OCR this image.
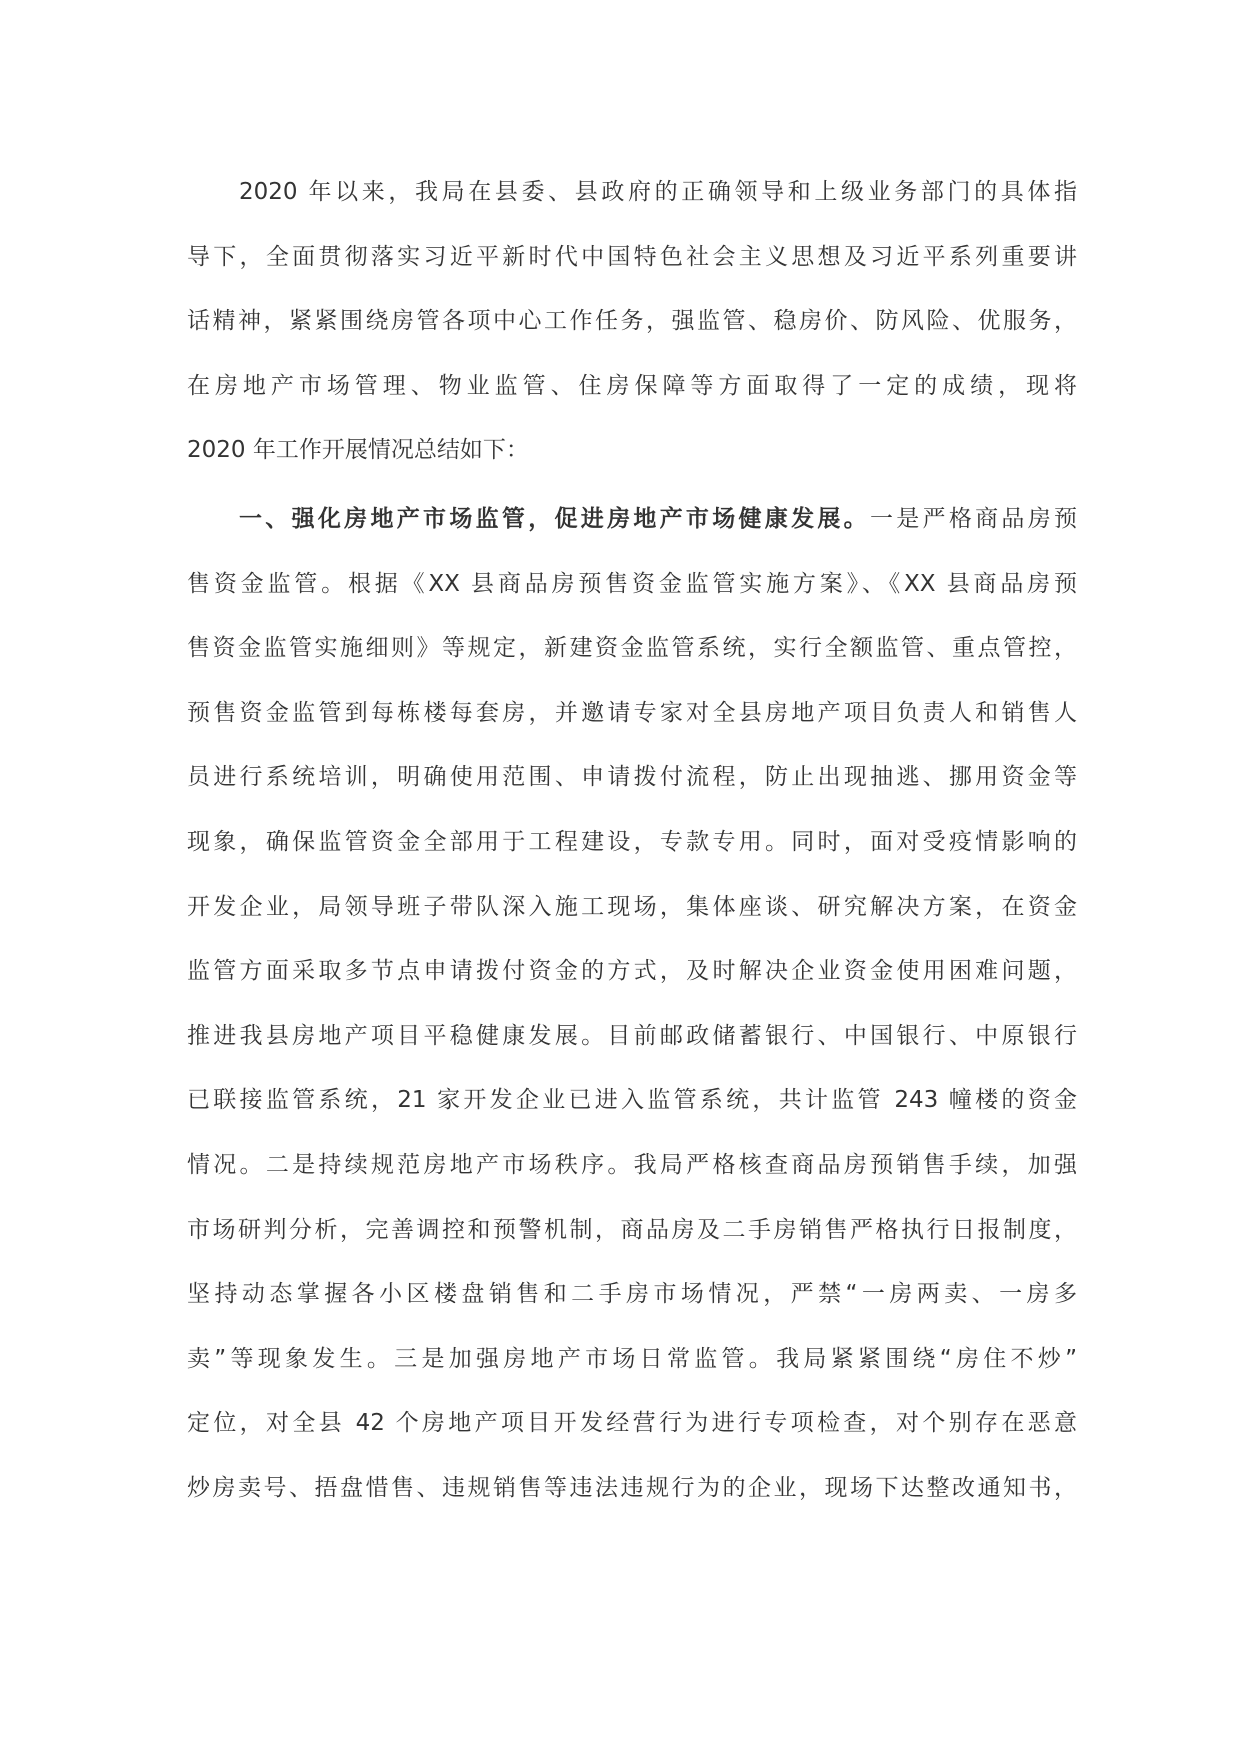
2020 年以来，我局在县委、县政府的正确领导和上级业务部门的具体指
导下，全面贯彻落实习近平新时代中国特色社会主义思想及习近平系列重要讲
话精神，紧紧围绕房管各项中心工作任务，强监管、稳房价、防风险、优服务，
在房地产市场管理、物业监管、住房保障等方面取得了一定的成绩，现将
2020 年工作开展情况总结如下：
一、强化房地产市场监管，促进房地产市场健康发展。一是严格商品房预
售资金监管。根据《XX 县商品房预售资金监管实施方案》、《XX 县商品房预
售资金监管实施细则》等规定，新建资金监管系统，实行全额监管、重点管控，
预售资金监管到每栋楼每套房，并邀请专家对全县房地产项目负责人和销售人
员进行系统培训，明确使用范围、申请拨付流程，防止出现抽逃、挪用资金等
现象，确保监管资金全部用于工程建设，专款专用。同时，面对受疫情影响的
开发企业，局领导班子带队深入施工现场，集体座谈、研究解决方案，在资金
监管方面采取多节点申请拨付资金的方式，及时解决企业资金使用困难问题，
推进我县房地产项目平稳健康发展。目前邮政储蓄银行、中国银行、中原银行
已联接监管系统，21 家开发企业已进入监管系统，共计监管 243 幢楼的资金
情况。二是持续规范房地产市场秩序。我局严格核查商品房预销售手续，加强
市场研判分析，完善调控和预警机制，商品房及二手房销售严格执行日报制度，
坚持动态掌握各小区楼盘销售和二手房市场情况，严禁“一房两卖、一房多
卖”等现象发生。三是加强房地产市场日常监管。我局紧紧围绕“房住不炒”
定位，对全县 42 个房地产项目开发经营行为进行专项检查，对个别存在恶意
炒房卖号、捂盘惜售、违规销售等违法违规行为的企业，现场下达整改通知书，
